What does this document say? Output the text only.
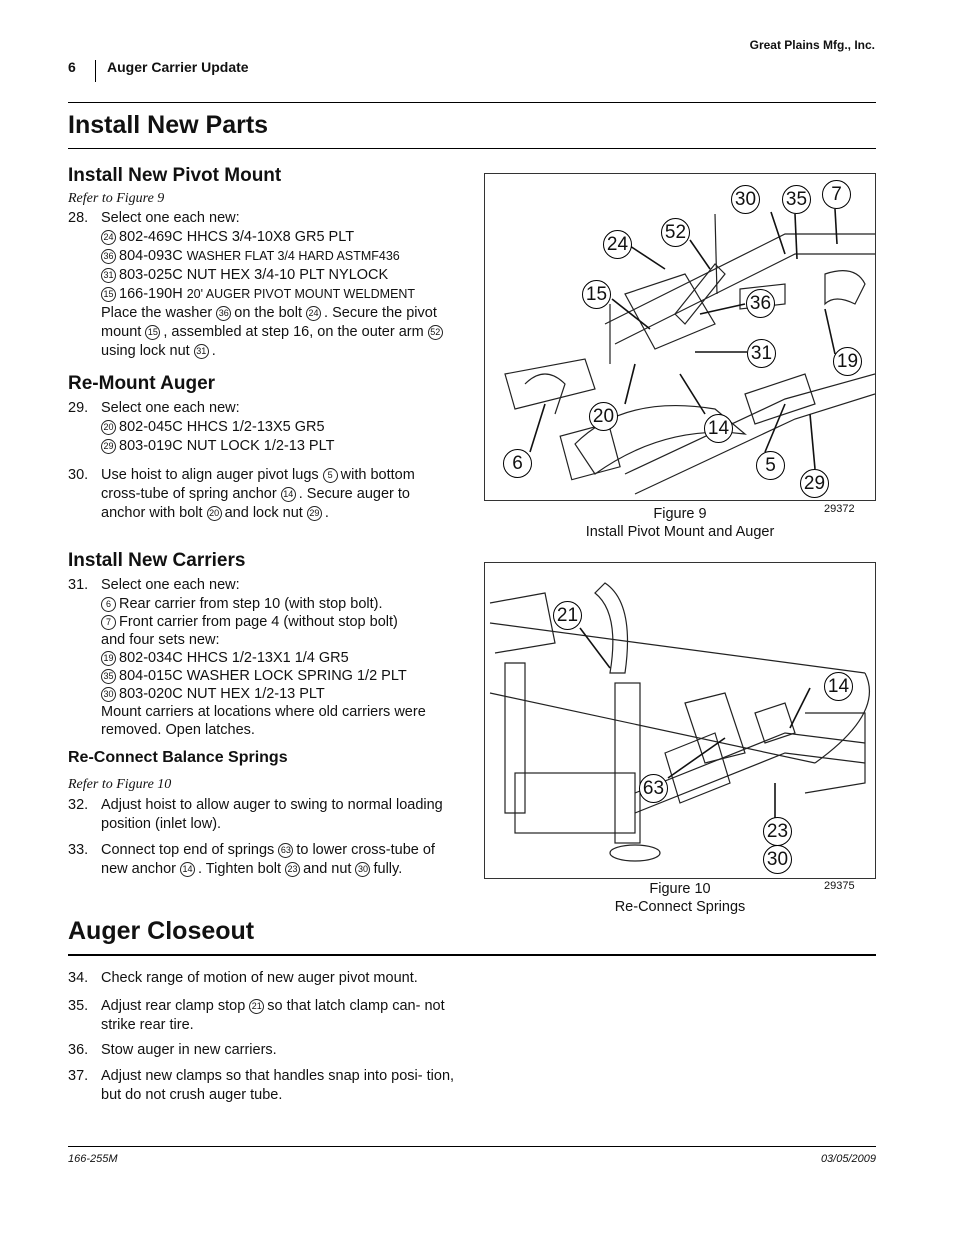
Great Plains Mfg., Inc.
6 Auger Carrier Update
Install New Parts
Install New Pivot Mount
Refer to Figure 9
28. Select one each new:
24 802-469C HHCS 3/4-10X8 GR5 PLT
36 804-093C WASHER FLAT 3/4 HARD ASTMF436
31 803-025C NUT HEX 3/4-10 PLT NYLOCK
15 166-190H 20' AUGER PIVOT MOUNT WELDMENT
Place the washer 36 on the bolt 24 . Secure the pivot mount 15 , assembled at step 16, on the outer arm 52using lock nut 31 .
Re-Mount Auger
29. Select one each new:
20 802-045C HHCS 1/2-13X5 GR5
29 803-019C NUT LOCK 1/2-13 PLT
30. Use hoist to align auger pivot lugs 5 with bottom cross-tube of spring anchor 14 . Secure auger to anchor with bolt 20 and lock nut 29 .
Install New Carriers
31. Select one each new:
6 Rear carrier from step 10 (with stop bolt).
7 Front carrier from page 4 (without stop bolt)
and four sets new:
19 802-034C HHCS 1/2-13X1 1/4 GR5
35 804-015C WASHER LOCK SPRING 1/2 PLT
30 803-020C NUT HEX 1/2-13 PLT
Mount carriers at locations where old carriers were removed. Open latches.
Re-Connect Balance Springs
Refer to Figure 10
32. Adjust hoist to allow auger to swing to normal loading position (inlet low).
33. Connect top end of springs 63 to lower cross-tube of new anchor 14 . Tighten bolt 23 and nut 30 fully.
30 35	7
52
24
15	36
31	19
20
14
6	5
29
Figure 9
Install Pivot Mount and Auger
29372
21
14
63
23
30
Figure 10
Re-Connect Springs
29375
Auger Closeout
34. Check range of motion of new auger pivot mount.
35. Adjust rear clamp stop 21 so that latch clamp can- not strike rear tire.
36. Stow auger in new carriers.
37. Adjust new clamps so that handles snap into posi- tion, but do not crush auger tube.
166-255M	03/05/2009
